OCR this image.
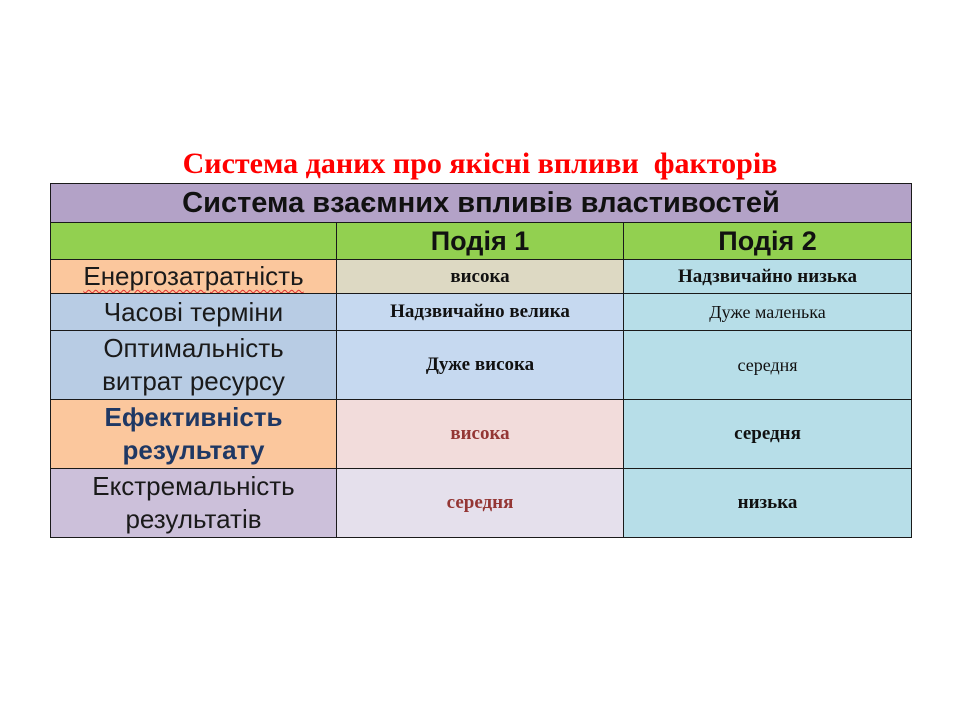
Система даних про якісні впливи  факторів
Система взаємних впливів властивостей		
	Подія 1	Подія 2
Енергозатратність	висока	Надзвичайно низька
Часові терміни	Надзвичайно велика	Дуже маленька

Оптимальність
витрат ресурсу	Дуже висока	середня

Ефективність
результату	висока	середня

Екстремальність
результатів	середня	низька
